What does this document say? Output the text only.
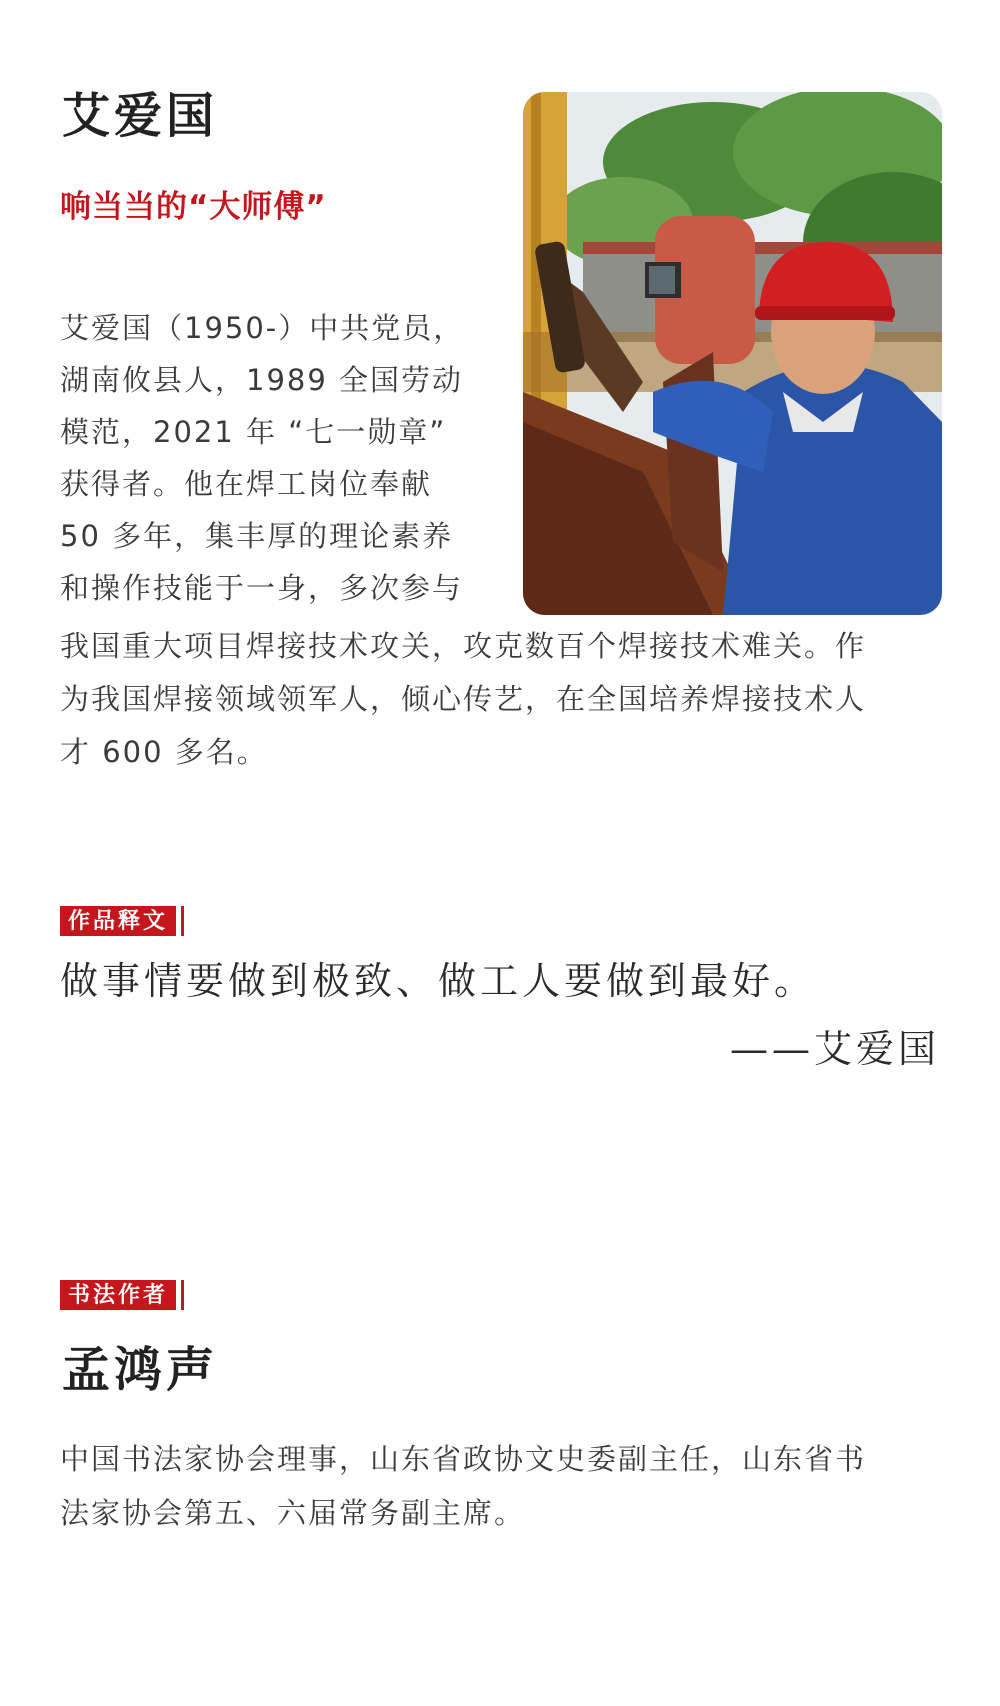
艾爱国
响当当的“大师傅”
艾爱国（1950-）中共党员，
湖南攸县人，1989 全国劳动
模范，2021 年 “七一勋章”
获得者。他在焊工岗位奉献
50 多年，集丰厚的理论素养
和操作技能于一身，多次参与
我国重大项目焊接技术攻关，攻克数百个焊接技术难关。作
为我国焊接领域领军人，倾心传艺，在全国培养焊接技术人
才 600 多名。
作品释文
做事情要做到极致、做工人要做到最好。
——艾爱国
书法作者
孟鸿声
中国书法家协会理事，山东省政协文史委副主任，山东省书
法家协会第五、六届常务副主席。
